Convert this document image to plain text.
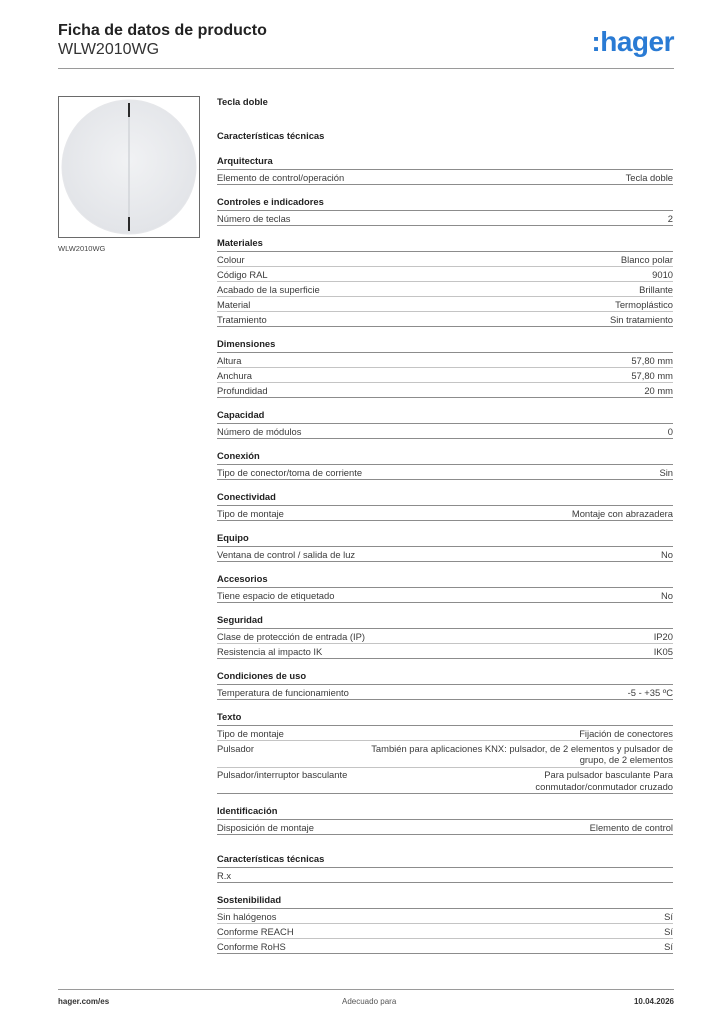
Ficha de datos de producto
WLW2010WG	:hager
WLW2010WG
Tecla doble
Características técnicas
Arquitectura
Elemento de control/operación	Tecla doble
Controles e indicadores
Número de teclas	2
Materiales
Colour	Blanco polar
Código RAL	9010
Acabado de la superficie	Brillante
Material	Termoplástico
Tratamiento	Sin tratamiento
Dimensiones
Altura	57,80 mm
Anchura	57,80 mm
Profundidad	20 mm
Capacidad
Número de módulos	0
Conexión
Tipo de conector/toma de corriente	Sin
Conectividad
Tipo de montaje	Montaje con abrazadera
Equipo
Ventana de control / salida de luz	No
Accesorios
Tiene espacio de etiquetado	No
Seguridad
Clase de protección de entrada (IP)	IP20
Resistencia al impacto IK	IK05
Condiciones de uso
Temperatura de funcionamiento	-5 - +35 ºC
Texto
Tipo de montaje	Fijación de conectores
Pulsador	También para aplicaciones KNX: pulsador, de 2 elementos y pulsador de grupo, de 2 elementos
Pulsador/interruptor basculante	Para pulsador basculante Para conmutador/conmutador cruzado
Identificación
Disposición de montaje	Elemento de control
Características técnicas
R.x
Sostenibilidad
Sin halógenos	Sí
Conforme REACH	Sí
Conforme RoHS	Sí
hager.com/es	Adecuado para	10.04.2026
